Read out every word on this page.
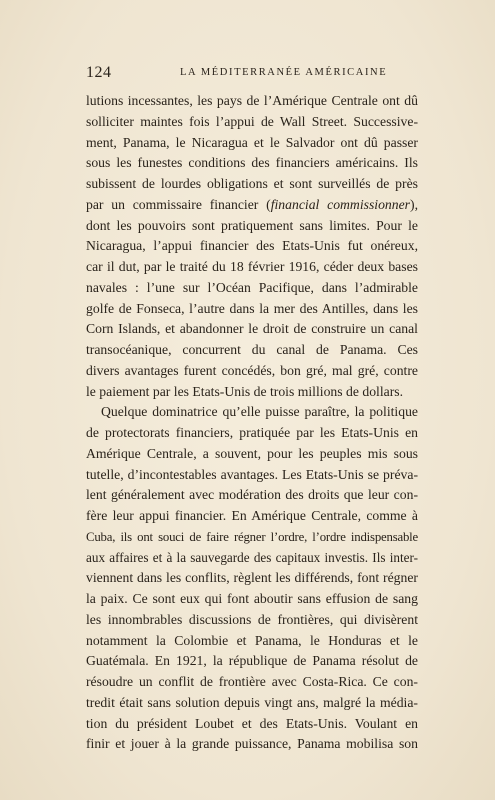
124	LA MÉDITERRANÉE AMÉRICAINE
lutions incessantes, les pays de l’Amérique Centrale ont dû
solliciter maintes fois l’appui de Wall Street. Successive-
ment, Panama, le Nicaragua et le Salvador ont dû passer
sous les funestes conditions des financiers américains. Ils
subissent de lourdes obligations et sont surveillés de près
par un commissaire financier (financial commissionner),
dont les pouvoirs sont pratiquement sans limites. Pour le
Nicaragua, l’appui financier des Etats-Unis fut onéreux,
car il dut, par le traité du 18 février 1916, céder deux bases
navales : l’une sur l’Océan Pacifique, dans l’admirable
golfe de Fonseca, l’autre dans la mer des Antilles, dans les
Corn Islands, et abandonner le droit de construire un canal
transocéanique, concurrent du canal de Panama. Ces
divers avantages furent concédés, bon gré, mal gré, contre
le paiement par les Etats-Unis de trois millions de dollars.
Quelque dominatrice qu’elle puisse paraître, la politique
de protectorats financiers, pratiquée par les Etats-Unis en
Amérique Centrale, a souvent, pour les peuples mis sous
tutelle, d’incontestables avantages. Les Etats-Unis se préva-
lent généralement avec modération des droits que leur con-
fère leur appui financier. En Amérique Centrale, comme à
Cuba, ils ont souci de faire régner l’ordre, l’ordre indispensable
aux affaires et à la sauvegarde des capitaux investis. Ils inter-
viennent dans les conflits, règlent les différends, font régner
la paix. Ce sont eux qui font aboutir sans effusion de sang
les innombrables discussions de frontières, qui divisèrent
notamment la Colombie et Panama, le Honduras et le
Guatémala. En 1921, la république de Panama résolut de
résoudre un conflit de frontière avec Costa-Rica. Ce con-
tredit était sans solution depuis vingt ans, malgré la média-
tion du président Loubet et des Etats-Unis. Voulant en
finir et jouer à la grande puissance, Panama mobilisa son
